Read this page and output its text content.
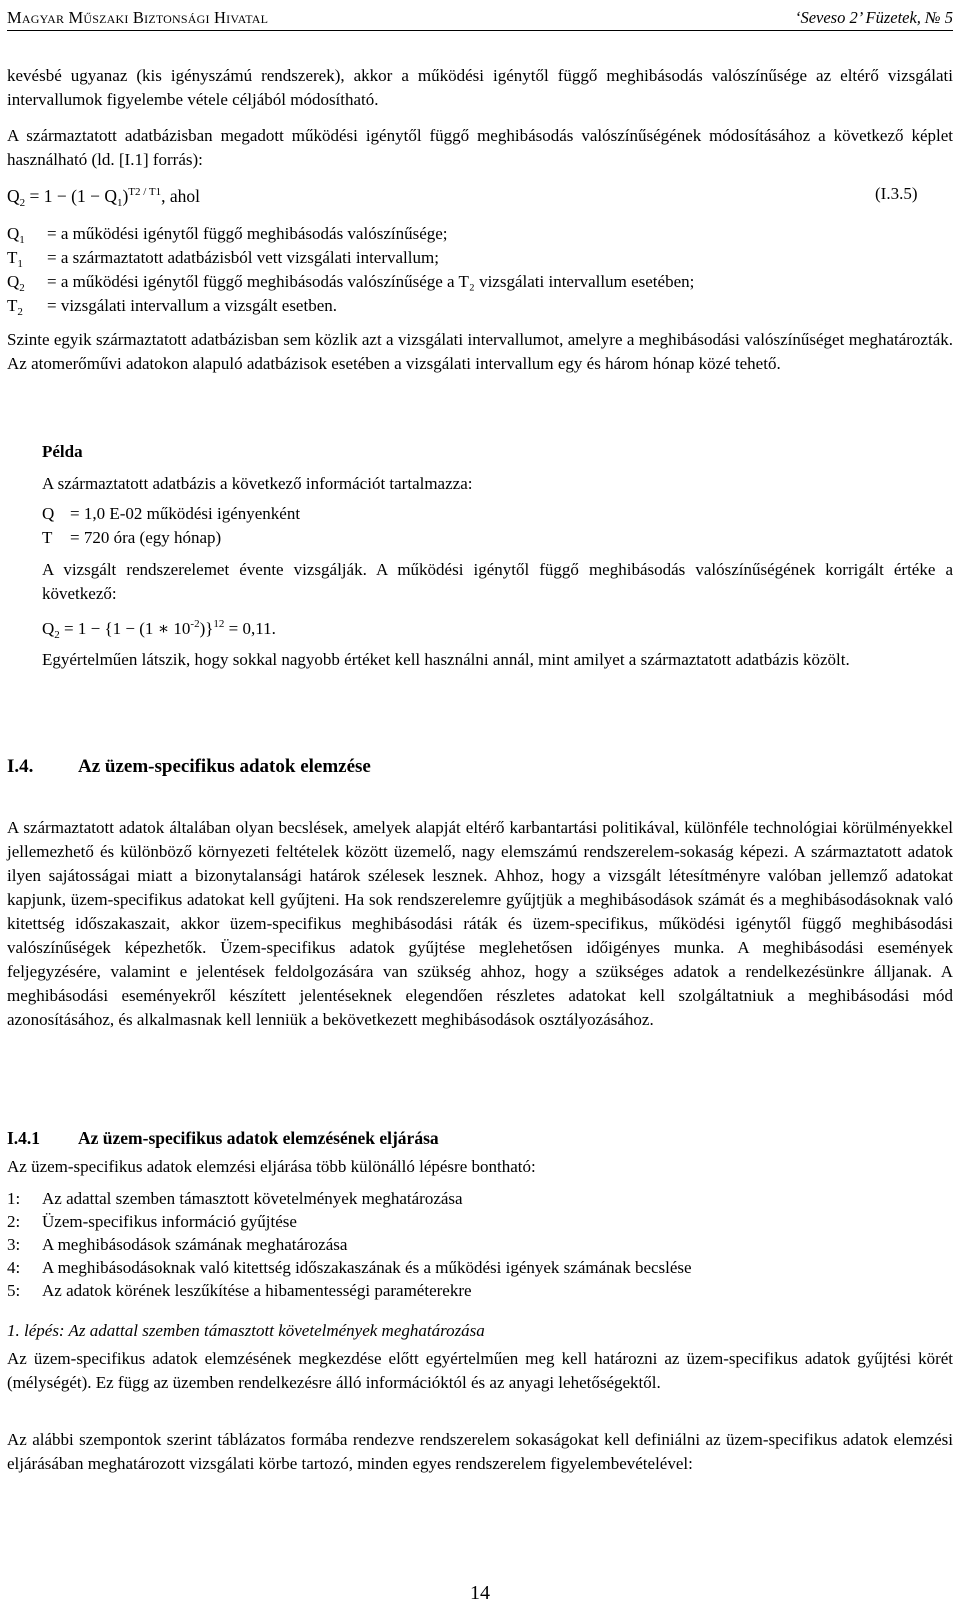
Magyar Műszaki Biztonsági Hivatal	‘Seveso 2’ Füzetek, № 5

kevésbé ugyanaz (kis igényszámú rendszerek), akkor a működési igénytől függő meghibásodás valószínűsége az eltérő vizsgálati intervallumok figyelembe vétele céljából módosítható.

A származtatott adatbázisban megadott működési igénytől függő meghibásodás valószínűségének módosításához a következő képlet használható (ld. [I.1] forrás):

$Q_2 = 1 - (1 - Q_1)^{T2 / T1}$, ahol	(I.3.5)
$Q_1$	= a működési igénytől függő meghibásodás valószínűsége;
$T_1$	= a származtatott adatbázisból vett vizsgálati intervallum;
$Q_2$	= a működési igénytől függő meghibásodás valószínűsége a T₂ vizsgálati intervallum esetében;
$T_2$	= vizsgálati intervallum a vizsgált esetben.

Szinte egyik származtatott adatbázisban sem közlik azt a vizsgálati intervallumot, amelyre a meghibásodási valószínűséget meghatározták. Az atomerőművi adatokon alapuló adatbázisok esetében a vizsgálati intervallum egy és három hónap közé tehető.

Példa
A származtatott adatbázis a következő információt tartalmazza:
Q = 1,0 E-02 működési igényenként
T = 720 óra (egy hónap)

A vizsgált rendszerelemet évente vizsgálják. A működési igénytől függő meghibásodás valószínűségének korrigált értéke a következő:

$Q_2 = 1 - \{1 - (1$ ∗ $10^{-2})\}^{12} = 0,11$.

Egyértelműen látszik, hogy sokkal nagyobb értéket kell használni annál, mint amilyet a származtatott adatbázis közölt.

I.4. Az üzem-specifikus adatok elemzése

A származtatott adatok általában olyan becslések, amelyek alapját eltérő karbantartási politikával, különféle technológiai körülményekkel jellemezhető és különböző környezeti feltételek között üzemelő, nagy elemszámú rendszerelem-sokaság képezi. A származtatott adatok ilyen sajátosságai miatt a bizonytalansági határok szélesek lesznek. Ahhoz, hogy a vizsgált létesítményre valóban jellemző adatokat kapjunk, üzem-specifikus adatokat kell gyűjteni. Ha sok rendszerelemre gyűjtjük a meghibásodások számát és a meghibásodásoknak való kitettség időszakaszait, akkor üzem-specifikus meghibásodási ráták és üzem-specifikus, működési igénytől függő meghibásodási valószínűségek képezhetők. Üzem-specifikus adatok gyűjtése meglehetősen időigényes munka. A meghibásodási események feljegyzésére, valamint e jelentések feldolgozására van szükség ahhoz, hogy a szükséges adatok a rendelkezésünkre álljanak. A meghibásodási eseményekről készített jelentéseknek elegendően részletes adatokat kell szolgáltatniuk a meghibásodási mód azonosításához, és alkalmasnak kell lenniük a bekövetkezett meghibásodások osztályozásához.

I.4.1 Az üzem-specifikus adatok elemzésének eljárása
Az üzem-specifikus adatok elemzési eljárása több különálló lépésre bontható:
1: Az adattal szemben támasztott követelmények meghatározása
2: Üzem-specifikus információ gyűjtése
3: A meghibásodások számának meghatározása
4: A meghibásodásoknak való kitettség időszakaszának és a működési igények számának becslése
5: Az adatok körének leszűkítése a hibamentességi paraméterekre
1. lépés: Az adattal szemben támasztott követelmények meghatározása

Az üzem-specifikus adatok elemzésének megkezdése előtt egyértelműen meg kell határozni az üzem-specifikus adatok gyűjtési körét (mélységét). Ez függ az üzemben rendelkezésre álló információktól és az anyagi lehetőségektől.

Az alábbi szempontok szerint táblázatos formába rendezve rendszerelem sokaságokat kell definiálni az üzem-specifikus adatok elemzési eljárásában meghatározott vizsgálati körbe tartozó, minden egyes rendszerelem figyelembevételével:

14
